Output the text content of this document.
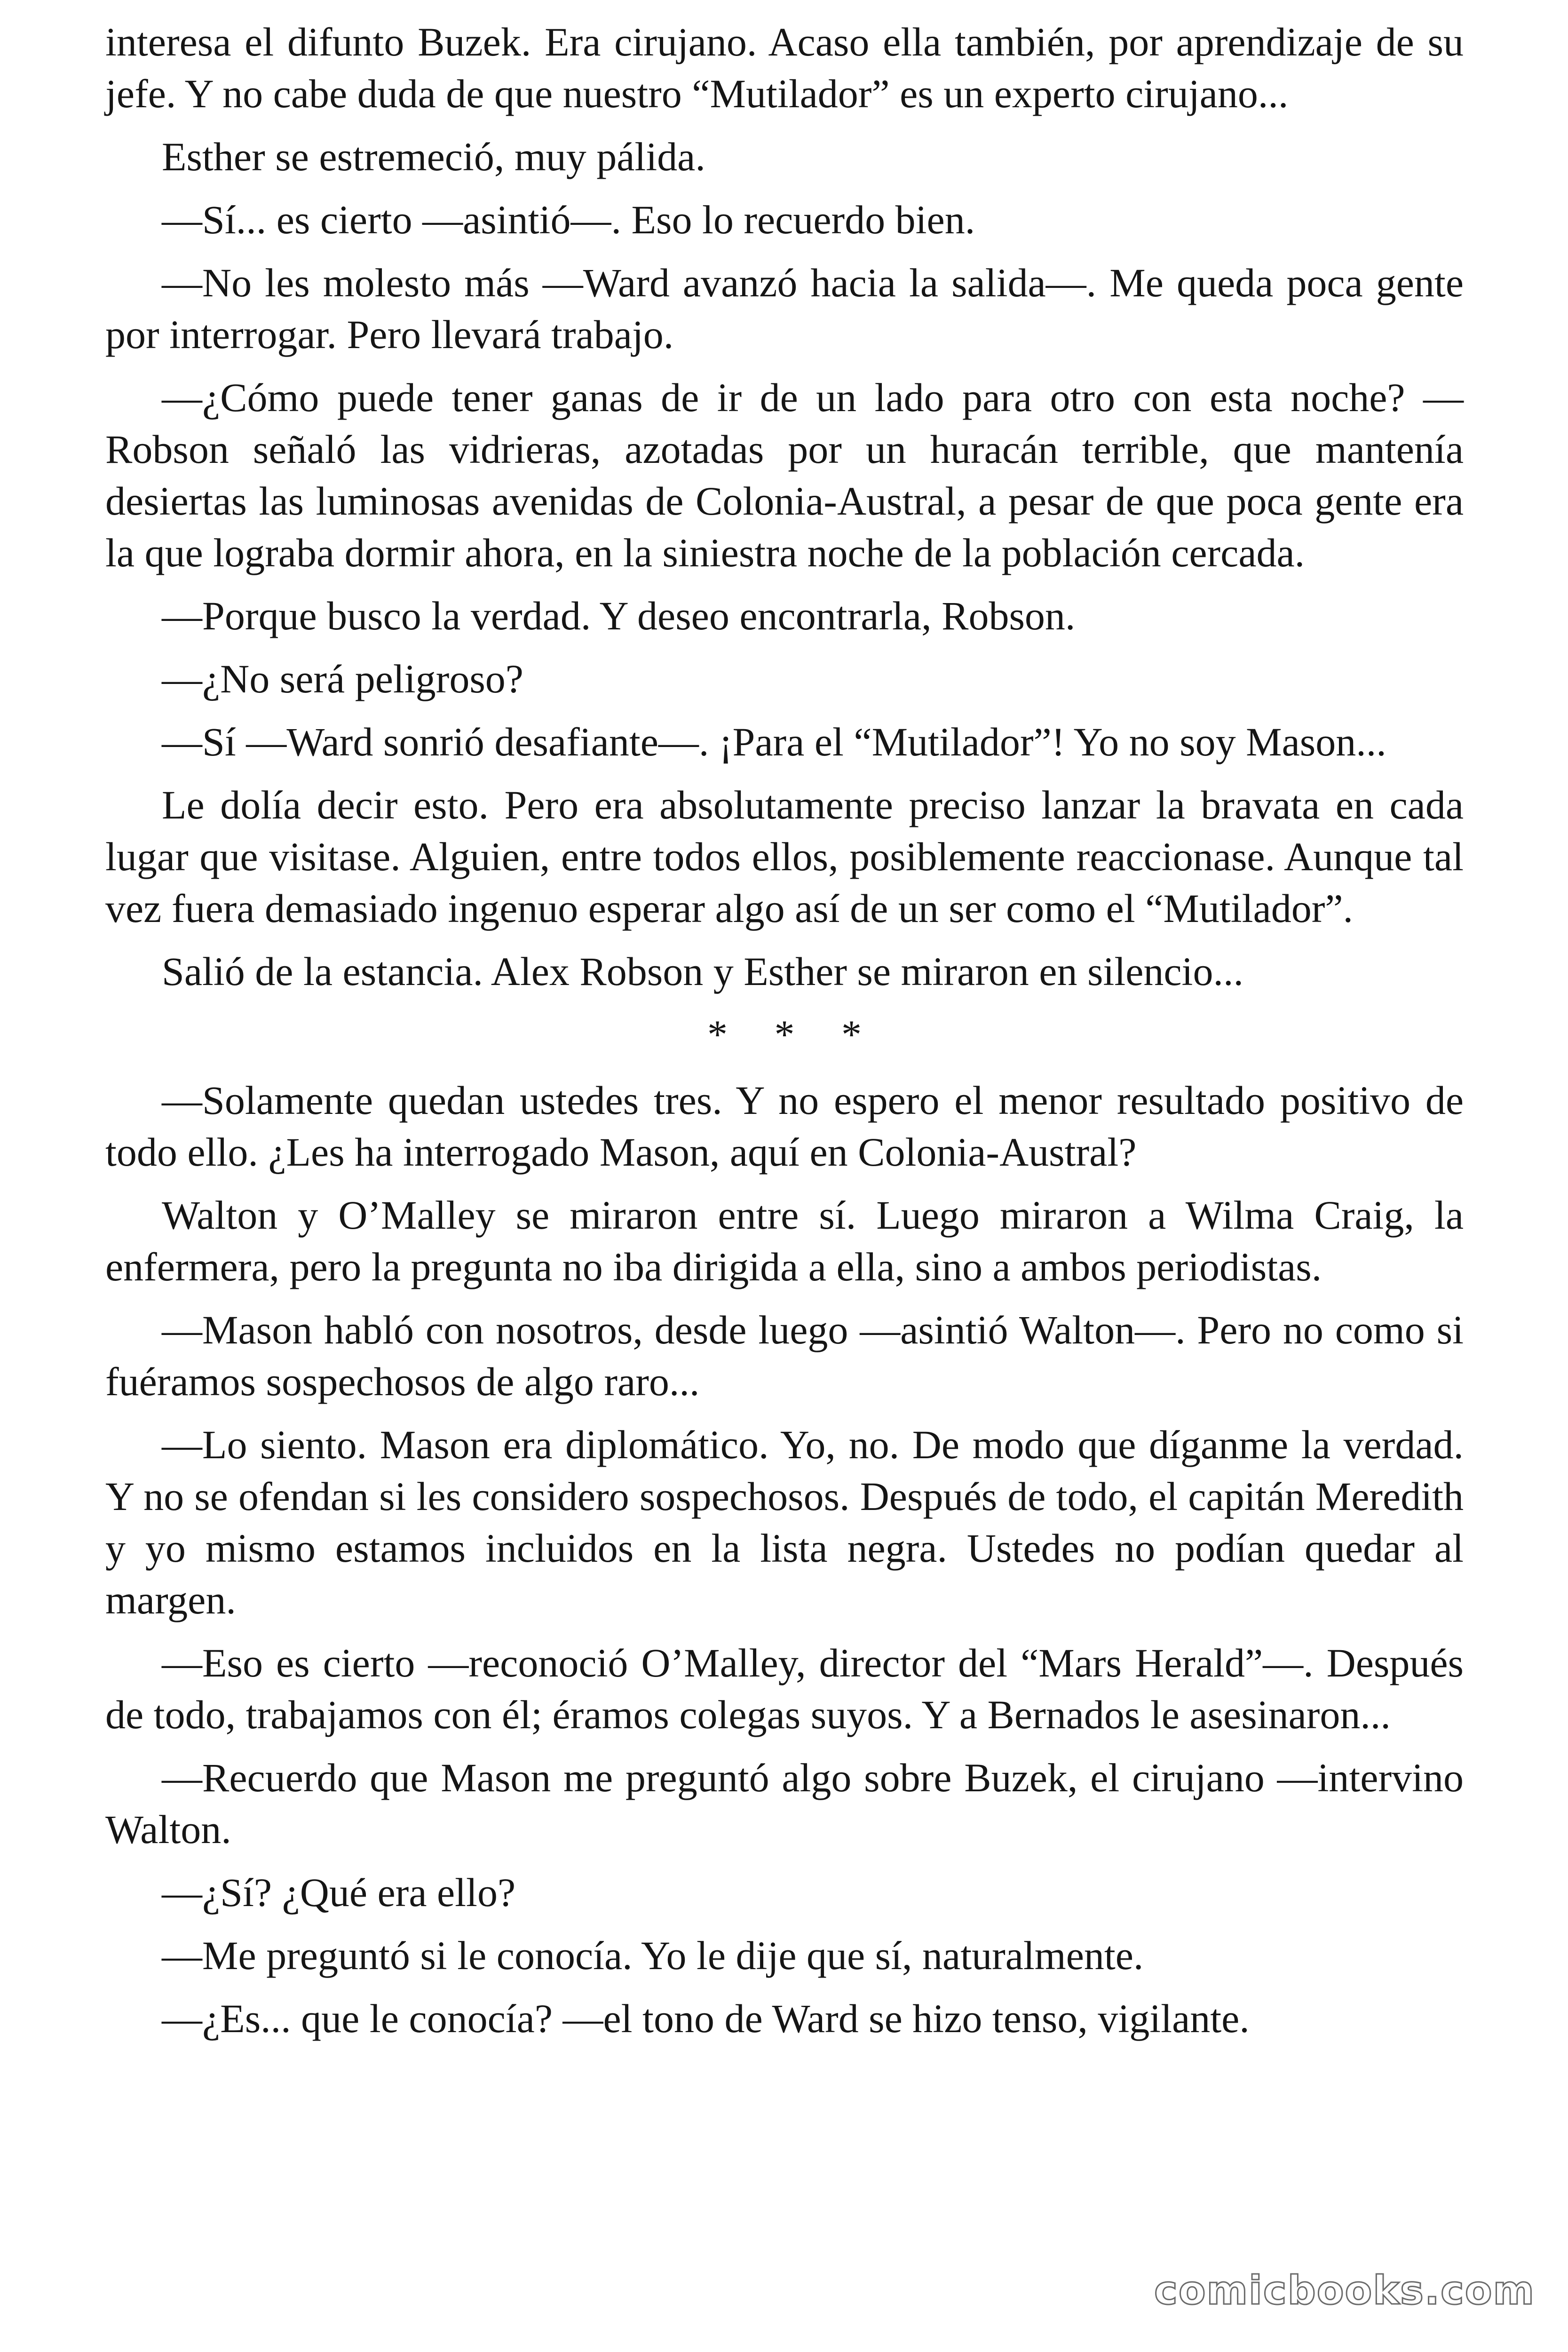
interesa el difunto Buzek. Era cirujano. Acaso ella también, por aprendizaje de su jefe. Y no cabe duda de que nuestro “Mutilador” es un experto cirujano...

Esther se estremeció, muy pálida.

—Sí... es cierto —asintió—. Eso lo recuerdo bien.

—No les molesto más —Ward avanzó hacia la salida—. Me queda poca gente por interrogar. Pero llevará trabajo.

—¿Cómo puede tener ganas de ir de un lado para otro con esta noche? —Robson señaló las vidrieras, azotadas por un huracán terrible, que mantenía desiertas las luminosas avenidas de Colonia-Austral, a pesar de que poca gente era la que lograba dormir ahora, en la siniestra noche de la población cercada.

—Porque busco la verdad. Y deseo encontrarla, Robson.

—¿No será peligroso?

—Sí —Ward sonrió desafiante—. ¡Para el “Mutilador”! Yo no soy Mason...

Le dolía decir esto. Pero era absolutamente preciso lanzar la bravata en cada lugar que visitase. Alguien, entre todos ellos, posiblemente reaccionase. Aunque tal vez fuera demasiado ingenuo esperar algo así de un ser como el “Mutilador”.

Salió de la estancia. Alex Robson y Esther se miraron en silencio...

* * *

—Solamente quedan ustedes tres. Y no espero el menor resultado positivo de todo ello. ¿Les ha interrogado Mason, aquí en Colonia-Austral?

Walton y O’Malley se miraron entre sí. Luego miraron a Wilma Craig, la enfermera, pero la pregunta no iba dirigida a ella, sino a ambos periodistas.

—Mason habló con nosotros, desde luego —asintió Walton—. Pero no como si fuéramos sospechosos de algo raro...

—Lo siento. Mason era diplomático. Yo, no. De modo que díganme la verdad. Y no se ofendan si les considero sospechosos. Después de todo, el capitán Meredith y yo mismo estamos incluidos en la lista negra. Ustedes no podían quedar al margen.

—Eso es cierto —reconoció O’Malley, director del “Mars Herald”—. Después de todo, trabajamos con él; éramos colegas suyos. Y a Bernados le asesinaron...

—Recuerdo que Mason me preguntó algo sobre Buzek, el cirujano —intervino Walton.

—¿Sí? ¿Qué era ello?

—Me preguntó si le conocía. Yo le dije que sí, naturalmente.

—¿Es... que le conocía? —el tono de Ward se hizo tenso, vigilante.

comicbooks.com
